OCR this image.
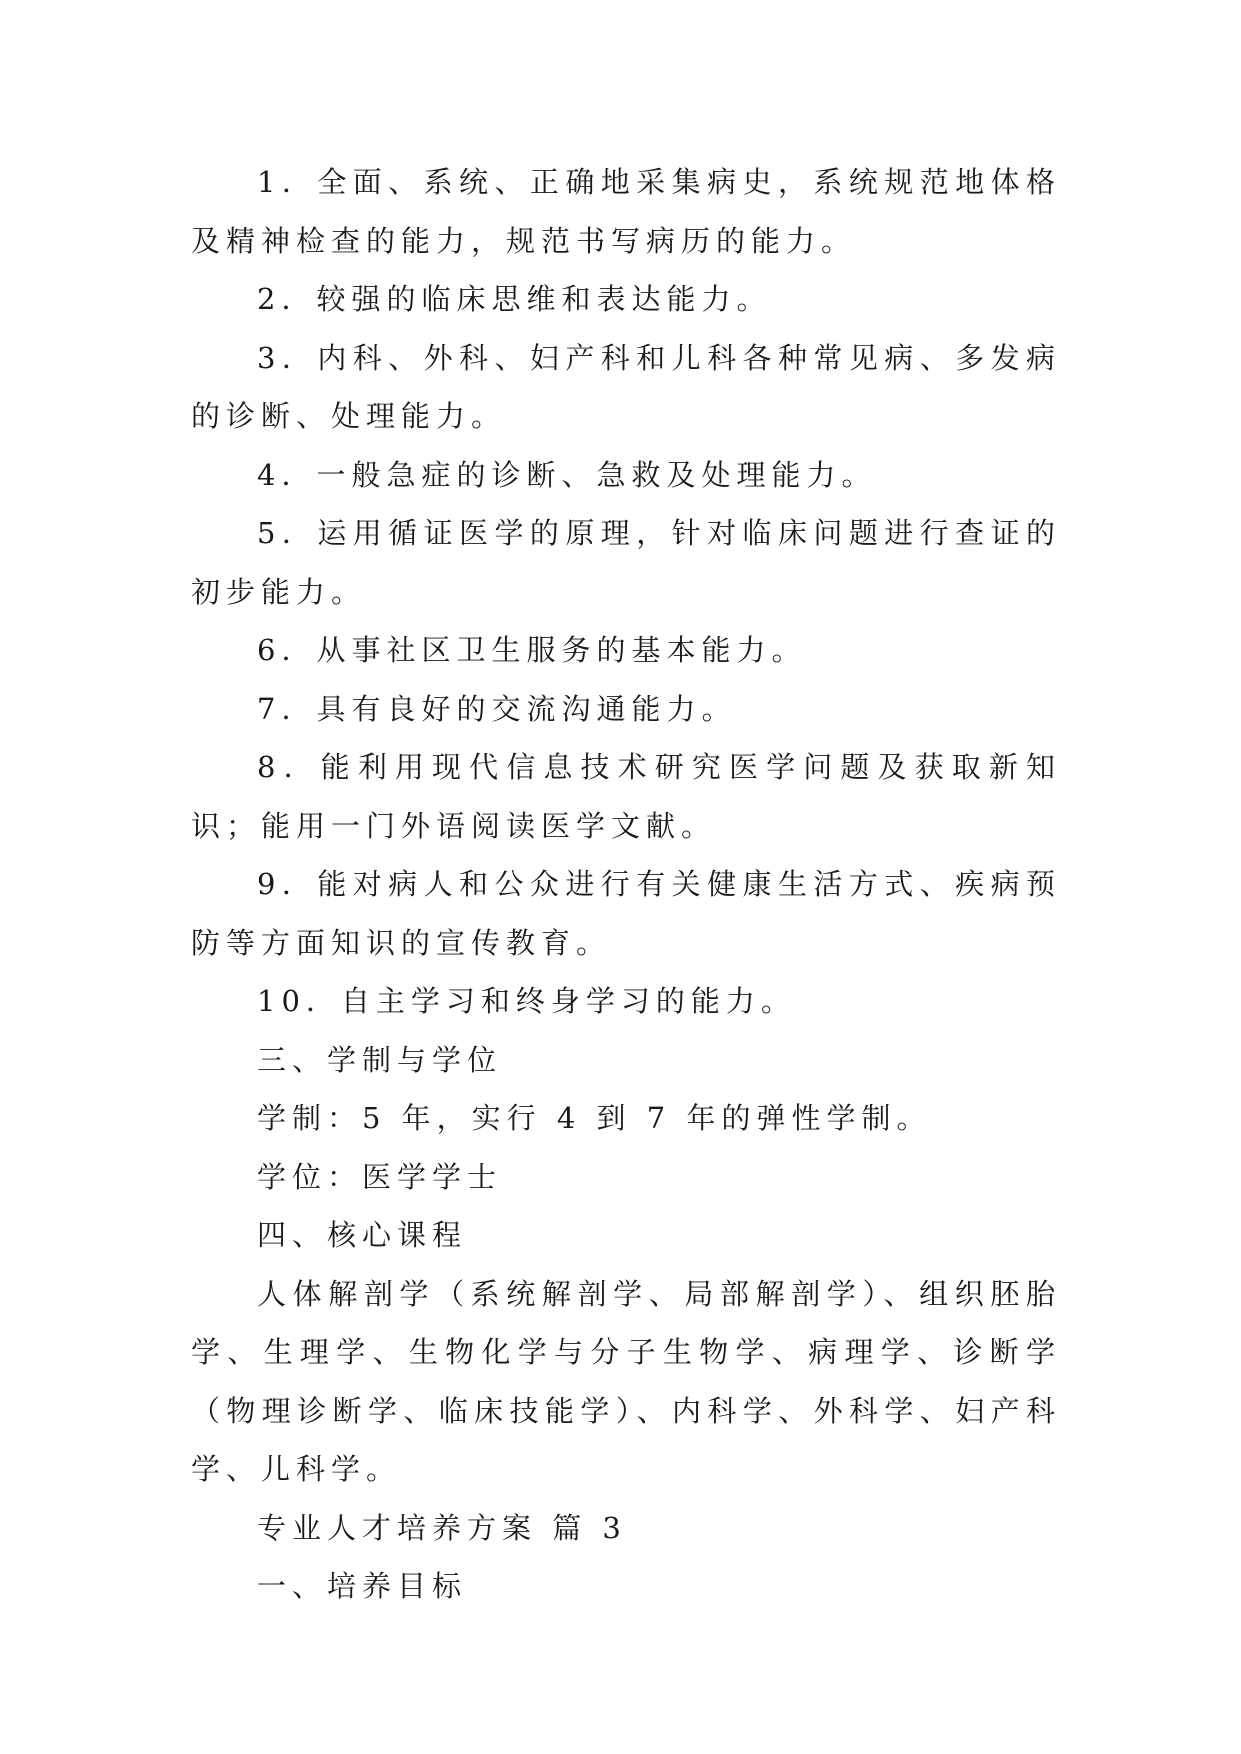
1．全面、系统、正确地采集病史，系统规范地体格及精神检查的能力，规范书写病历的能力。

2．较强的临床思维和表达能力。

3．内科、外科、妇产科和儿科各种常见病、多发病的诊断、处理能力。

4．一般急症的诊断、急救及处理能力。

5．运用循证医学的原理，针对临床问题进行查证的初步能力。

6．从事社区卫生服务的基本能力。

7．具有良好的交流沟通能力。

8．能利用现代信息技术研究医学问题及获取新知识；能用一门外语阅读医学文献。

9．能对病人和公众进行有关健康生活方式、疾病预防等方面知识的宣传教育。

10．自主学习和终身学习的能力。

三、学制与学位

学制：5 年，实行 4 到 7 年的弹性学制。

学位：医学学士

四、核心课程

人体解剖学（系统解剖学、局部解剖学）、组织胚胎学、生理学、生物化学与分子生物学、病理学、诊断学（物理诊断学、临床技能学）、内科学、外科学、妇产科学、儿科学。

专业人才培养方案 篇 3

一、培养目标
